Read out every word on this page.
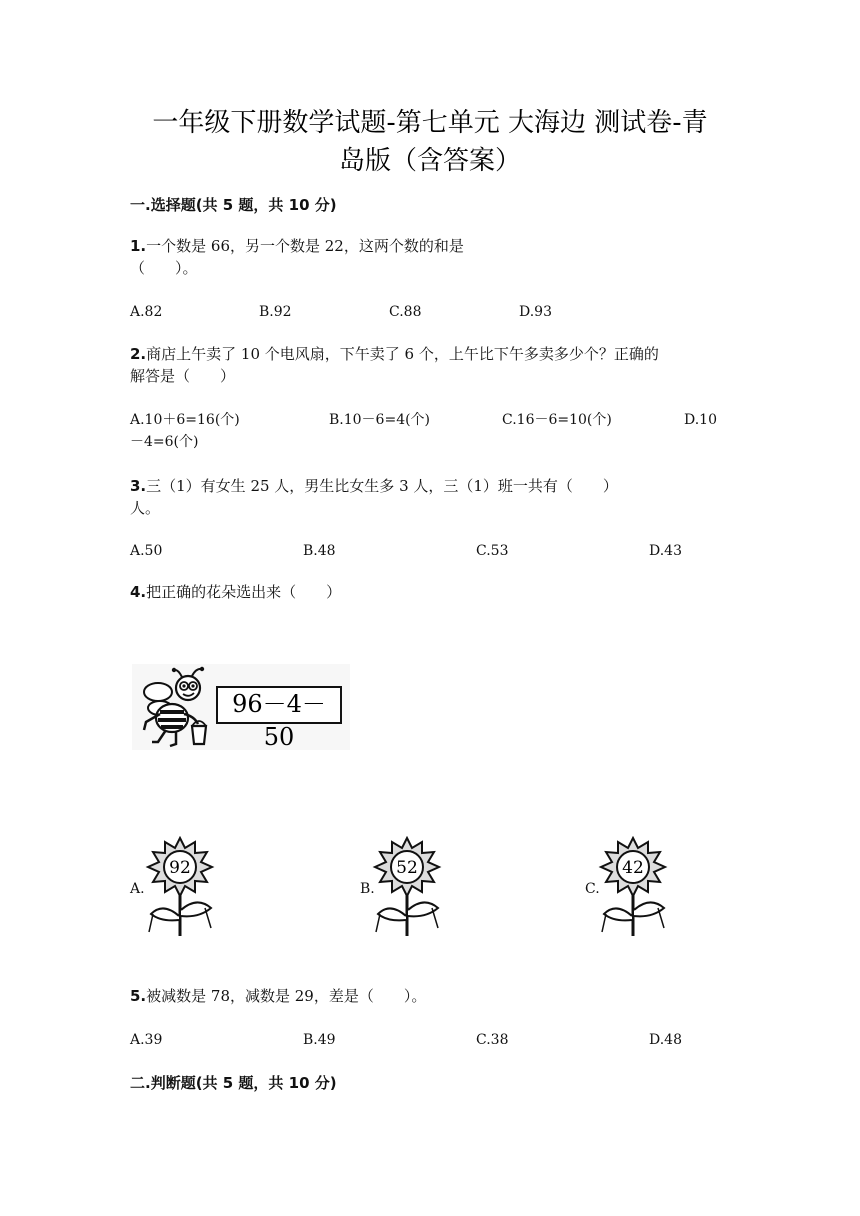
一年级下册数学试题-第七单元 大海边 测试卷-青
岛版（含答案）
一.选择题(共 5 题，共 10 分)
1.一个数是 66，另一个数是 22，这两个数的和是
（　　）。
A.82	B.92	C.88	D.93
2.商店上午卖了 10 个电风扇，下午卖了 6 个，上午比下午多卖多少个？正确的
解答是（　　）
A.10＋6=16(个)	B.10－6=4(个)	C.16－6=10(个)	D.10
－4=6(个)
3.三（1）有女生 25 人，男生比女生多 3 人，三（1）班一共有（　　）
人。
A.50	B.48	C.53	D.43
4.把正确的花朵选出来（　　）
96－4－50
A.	B.	C.
92	52	42
5.被减数是 78，减数是 29，差是（　　）。
A.39	B.49	C.38	D.48
二.判断题(共 5 题，共 10 分)
